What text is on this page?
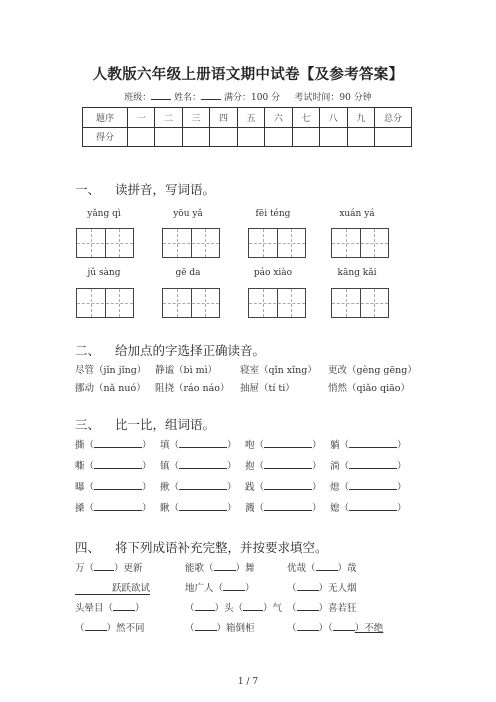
人教版六年级上册语文期中试卷【及参考答案】
班级：	姓名：	满分：100 分 考试时间：90 分钟
题序	一	二	三	四	五	六	七	八	九	总分
得分										
一、 读拼音，写词语。
yǎng qì	yōu yǎ	fēi téng	xuán yá
jǔ sàng	gē da	páo xiào	kāng kǎi
二、 给加点的字选择正确读音。
尽管（jǐn jǐng） 静谧（bì mì） 寝室（qǐn xǐng） 更改（gèng gēng）
挪动（nǎ nuó） 阻挠（ráo náo） 抽屉（tí ti）	悄然（qiǎo qiāo）
三、 比一比，组词语。
撕（	） 填（	） 咆（	） 躺（	）
嘶（	） 镇（	） 抱（	） 淌（	）
曝（	） 揪（	） 践（	） 熄（	）
搡（	） 瞅（	） 溅（	） 媳（	）
四、 将下列成语补充完整，并按要求填空。
万（ ）更新	能歌（ ）舞	优哉（ ）哉
跃跃欲试	地广人（ ）	（ ）无人烟
头晕目（ ）	（ ）头（ ）气 （ ）喜若狂
（ ）然不同	（ ）箱倒柜	（ ）（ ）不绝
1 / 7
